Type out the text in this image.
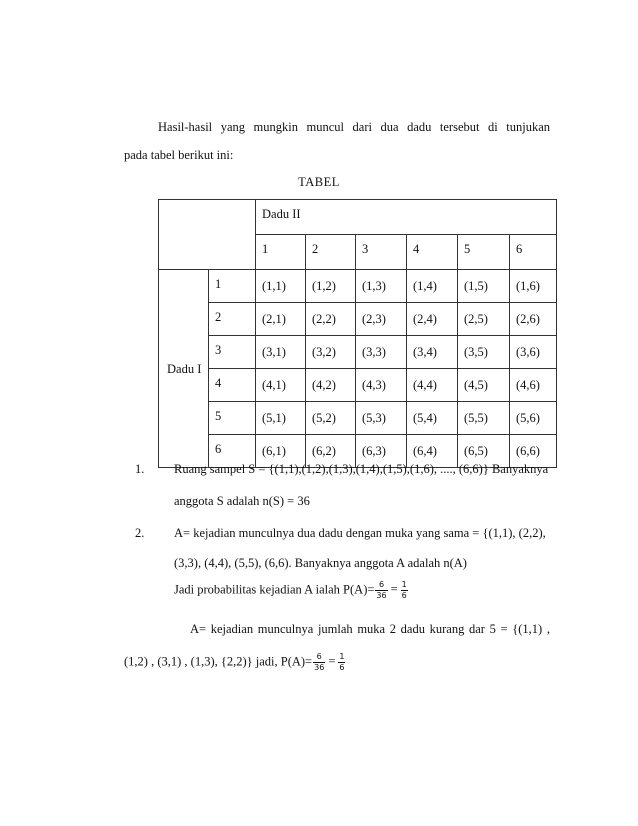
Hasil-hasil yang mungkin muncul dari dua dadu tersebut di tunjukan
pada tabel berikut ini:
TABEL
		Dadu II					
		1	2	3	4	5	6
Dadu I	1	(1,1)	(1,2)	(1,3)	(1,4)	(1,5)	(1,6)
	2	(2,1)	(2,2)	(2,3)	(2,4)	(2,5)	(2,6)
	3	(3,1)	(3,2)	(3,3)	(3,4)	(3,5)	(3,6)
	4	(4,1)	(4,2)	(4,3)	(4,4)	(4,5)	(4,6)
	5	(5,1)	(5,2)	(5,3)	(5,4)	(5,5)	(5,6)
	6	(6,1)	(6,2)	(6,3)	(6,4)	(6,5)	(6,6)
1. Ruang sampel S = {(1,1),(1,2),(1,3),(1,4),(1,5),(1,6), ...., (6,6)} Banyaknya
anggota S adalah n(S) = 36
2. A= kejadian munculnya dua dadu dengan muka yang sama = {(1,1), (2,2),
(3,3), (4,4), (5,5), (6,6). Banyaknya anggota A adalah n(A)
Jadi probabilitas kejadian A ialah $P(A)= \frac{6}{36} = \frac{1}{6}$
A= kejadian munculnya jumlah muka 2 dadu kurang dar 5 = {(1,1) ,
(1,2) , (3,1) , (1,3), {2,2)} jadi, $P(A)= \frac{6}{36} = \frac{1}{6}$
